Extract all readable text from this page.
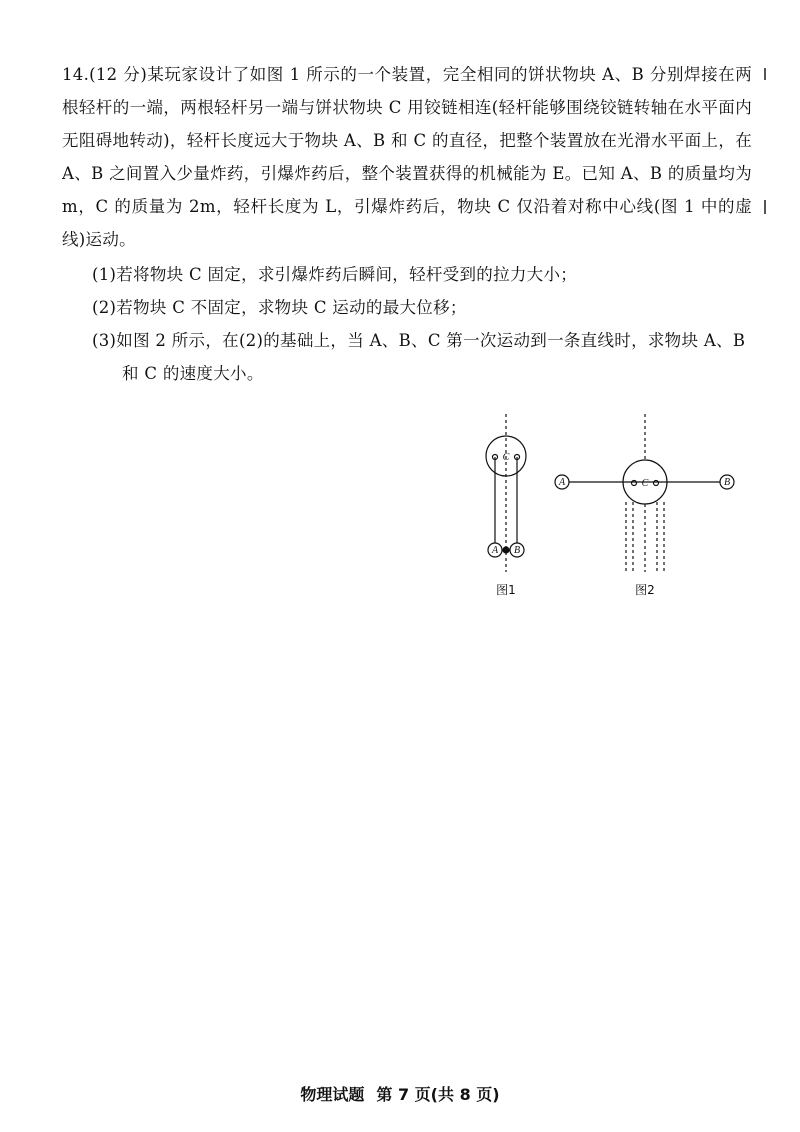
14.(12 分)某玩家设计了如图 1 所示的一个装置，完全相同的饼状物块 A、B 分别焊接在两根轻杆的一端，两根轻杆另一端与饼状物块 C 用铰链相连(轻杆能够围绕铰链转轴在水平面内无阻碍地转动)，轻杆长度远大于物块 A、B 和 C 的直径，把整个装置放在光滑水平面上，在 A、B 之间置入少量炸药，引爆炸药后，整个装置获得的机械能为 E。已知 A、B 的质量均为 m，C 的质量为 2m，轻杆长度为 L，引爆炸药后，物块 C 仅沿着对称中心线(图 1 中的虚线)运动。

(1)若将物块 C 固定，求引爆炸药后瞬间，轻杆受到的拉力大小；
(2)若物块 C 不固定，求物块 C 运动的最大位移；
(3)如图 2 所示，在(2)的基础上，当 A、B、C 第一次运动到一条直线时，求物块 A、B 和 C 的速度大小。
C
A B
图1
C
A	B
图2
物理试题 第 7 页(共 8 页)
